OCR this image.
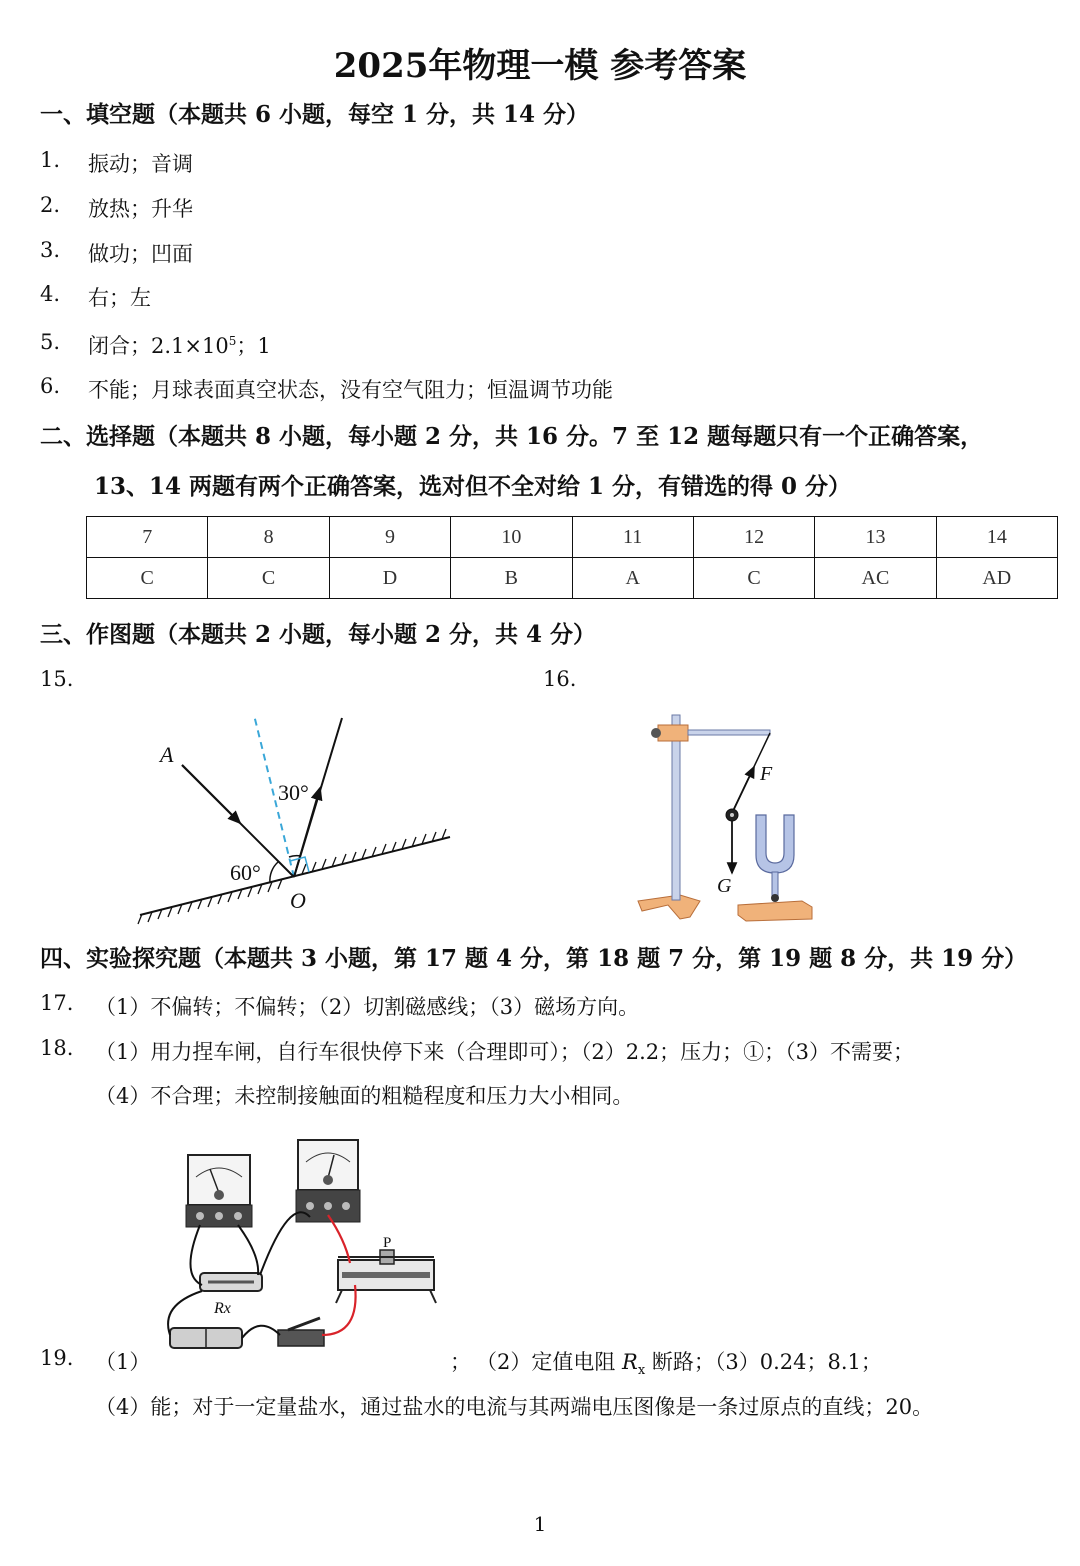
2025年物理一模 参考答案
一、填空题（本题共 6 小题，每空 1 分，共 14 分）
1. 振动；音调
2. 放热；升华
3. 做功；凹面
4. 右；左
5. 闭合；$2.1\times 10^5$；1
6. 不能；月球表面真空状态，没有空气阻力；恒温调节功能
二、选择题（本题共 8 小题，每小题 2 分，共 16 分。7 至 12 题每题只有一个正确答案，
13、14 两题有两个正确答案，选对但不全对给 1 分，有错选的得 0 分）
7	8	9	10	11	12	13	14
C	C	D	B	A	C	AC	AD
三、作图题（本题共 2 小题，每小题 2 分，共 4 分）
15.	16.
A
30°
60°
O
F
G
四、实验探究题（本题共 3 小题，第 17 题 4 分，第 18 题 7 分，第 19 题 8 分，共 19 分）
17. （1）不偏转；不偏转；（2）切割磁感线；（3）磁场方向。
18. （1）用力捏车闸，自行车很快停下来（合理即可）；（2）2.2；压力；①；（3）不需要；
（4）不合理；未控制接触面的粗糙程度和压力大小相同。
Rx
P
19. （1）	； （2）定值电阻 $R_x$ 断路；（3）0.24；8.1；
（4）能；对于一定量盐水，通过盐水的电流与其两端电压图像是一条过原点的直线；20。
1
